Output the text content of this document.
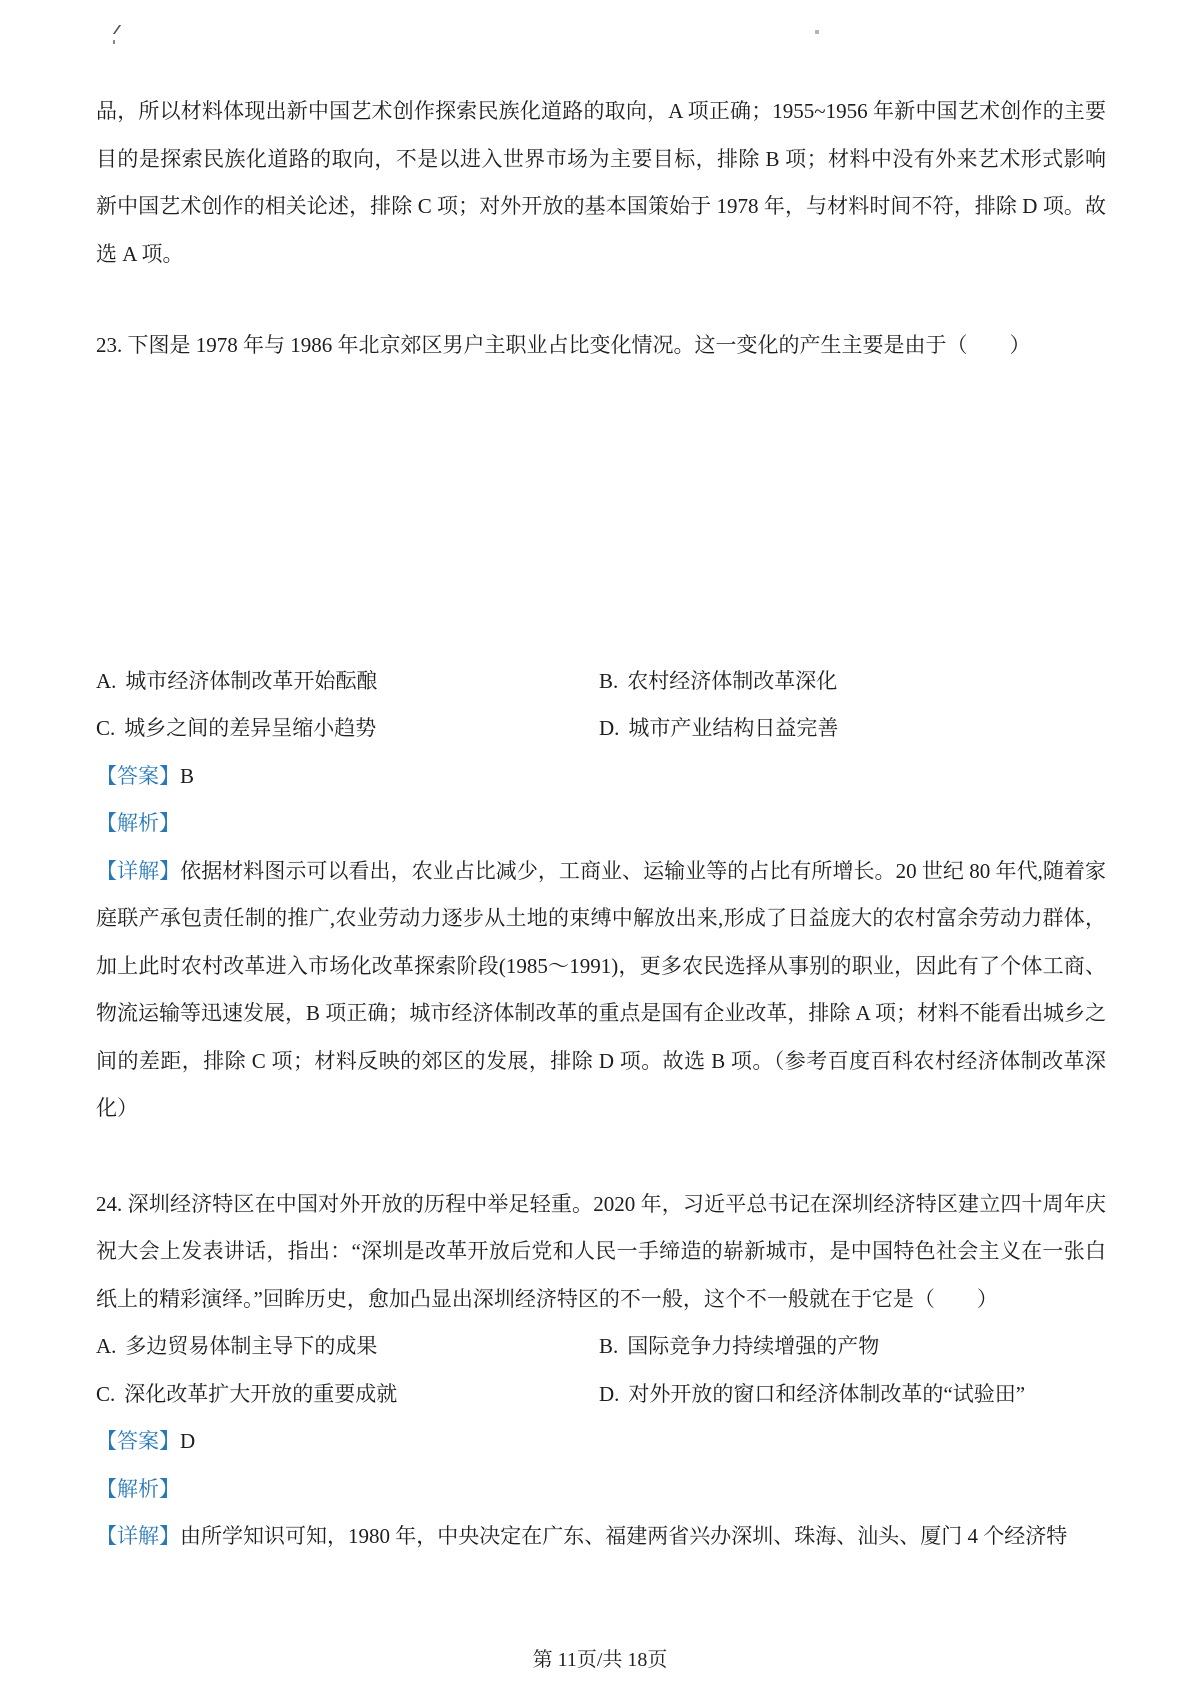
品，所以材料体现出新中国艺术创作探索民族化道路的取向，A 项正确；1955~1956 年新中国艺术创作的主要目的是探索民族化道路的取向，不是以进入世界市场为主要目标，排除 B 项；材料中没有外来艺术形式影响新中国艺术创作的相关论述，排除 C 项；对外开放的基本国策始于 1978 年，与材料时间不符，排除 D 项。故选 A 项。

23. 下图是 1978 年与 1986 年北京郊区男户主职业占比变化情况。这一变化的产生主要是由于（　　）

A. 城市经济体制改革开始酝酿	B. 农村经济体制改革深化
C. 城乡之间的差异呈缩小趋势	D. 城市产业结构日益完善

【答案】B

【解析】

【详解】依据材料图示可以看出，农业占比减少，工商业、运输业等的占比有所增长。20 世纪 80 年代,随着家庭联产承包责任制的推广,农业劳动力逐步从土地的束缚中解放出来,形成了日益庞大的农村富余劳动力群体，加上此时农村改革进入市场化改革探索阶段(1985～1991)，更多农民选择从事别的职业，因此有了个体工商、物流运输等迅速发展，B 项正确；城市经济体制改革的重点是国有企业改革，排除 A 项；材料不能看出城乡之间的差距，排除 C 项；材料反映的郊区的发展，排除 D 项。故选 B 项。（参考百度百科农村经济体制改革深化）

24. 深圳经济特区在中国对外开放的历程中举足轻重。2020 年，习近平总书记在深圳经济特区建立四十周年庆祝大会上发表讲话，指出：“深圳是改革开放后党和人民一手缔造的崭新城市，是中国特色社会主义在一张白纸上的精彩演绎。”回眸历史，愈加凸显出深圳经济特区的不一般，这个不一般就在于它是（　　）

A. 多边贸易体制主导下的成果	B. 国际竞争力持续增强的产物
C. 深化改革扩大开放的重要成就	D. 对外开放的窗口和经济体制改革的“试验田”

【答案】D

【解析】

【详解】由所学知识可知，1980 年，中央决定在广东、福建两省兴办深圳、珠海、汕头、厦门 4 个经济特

第 11页/共 18页
